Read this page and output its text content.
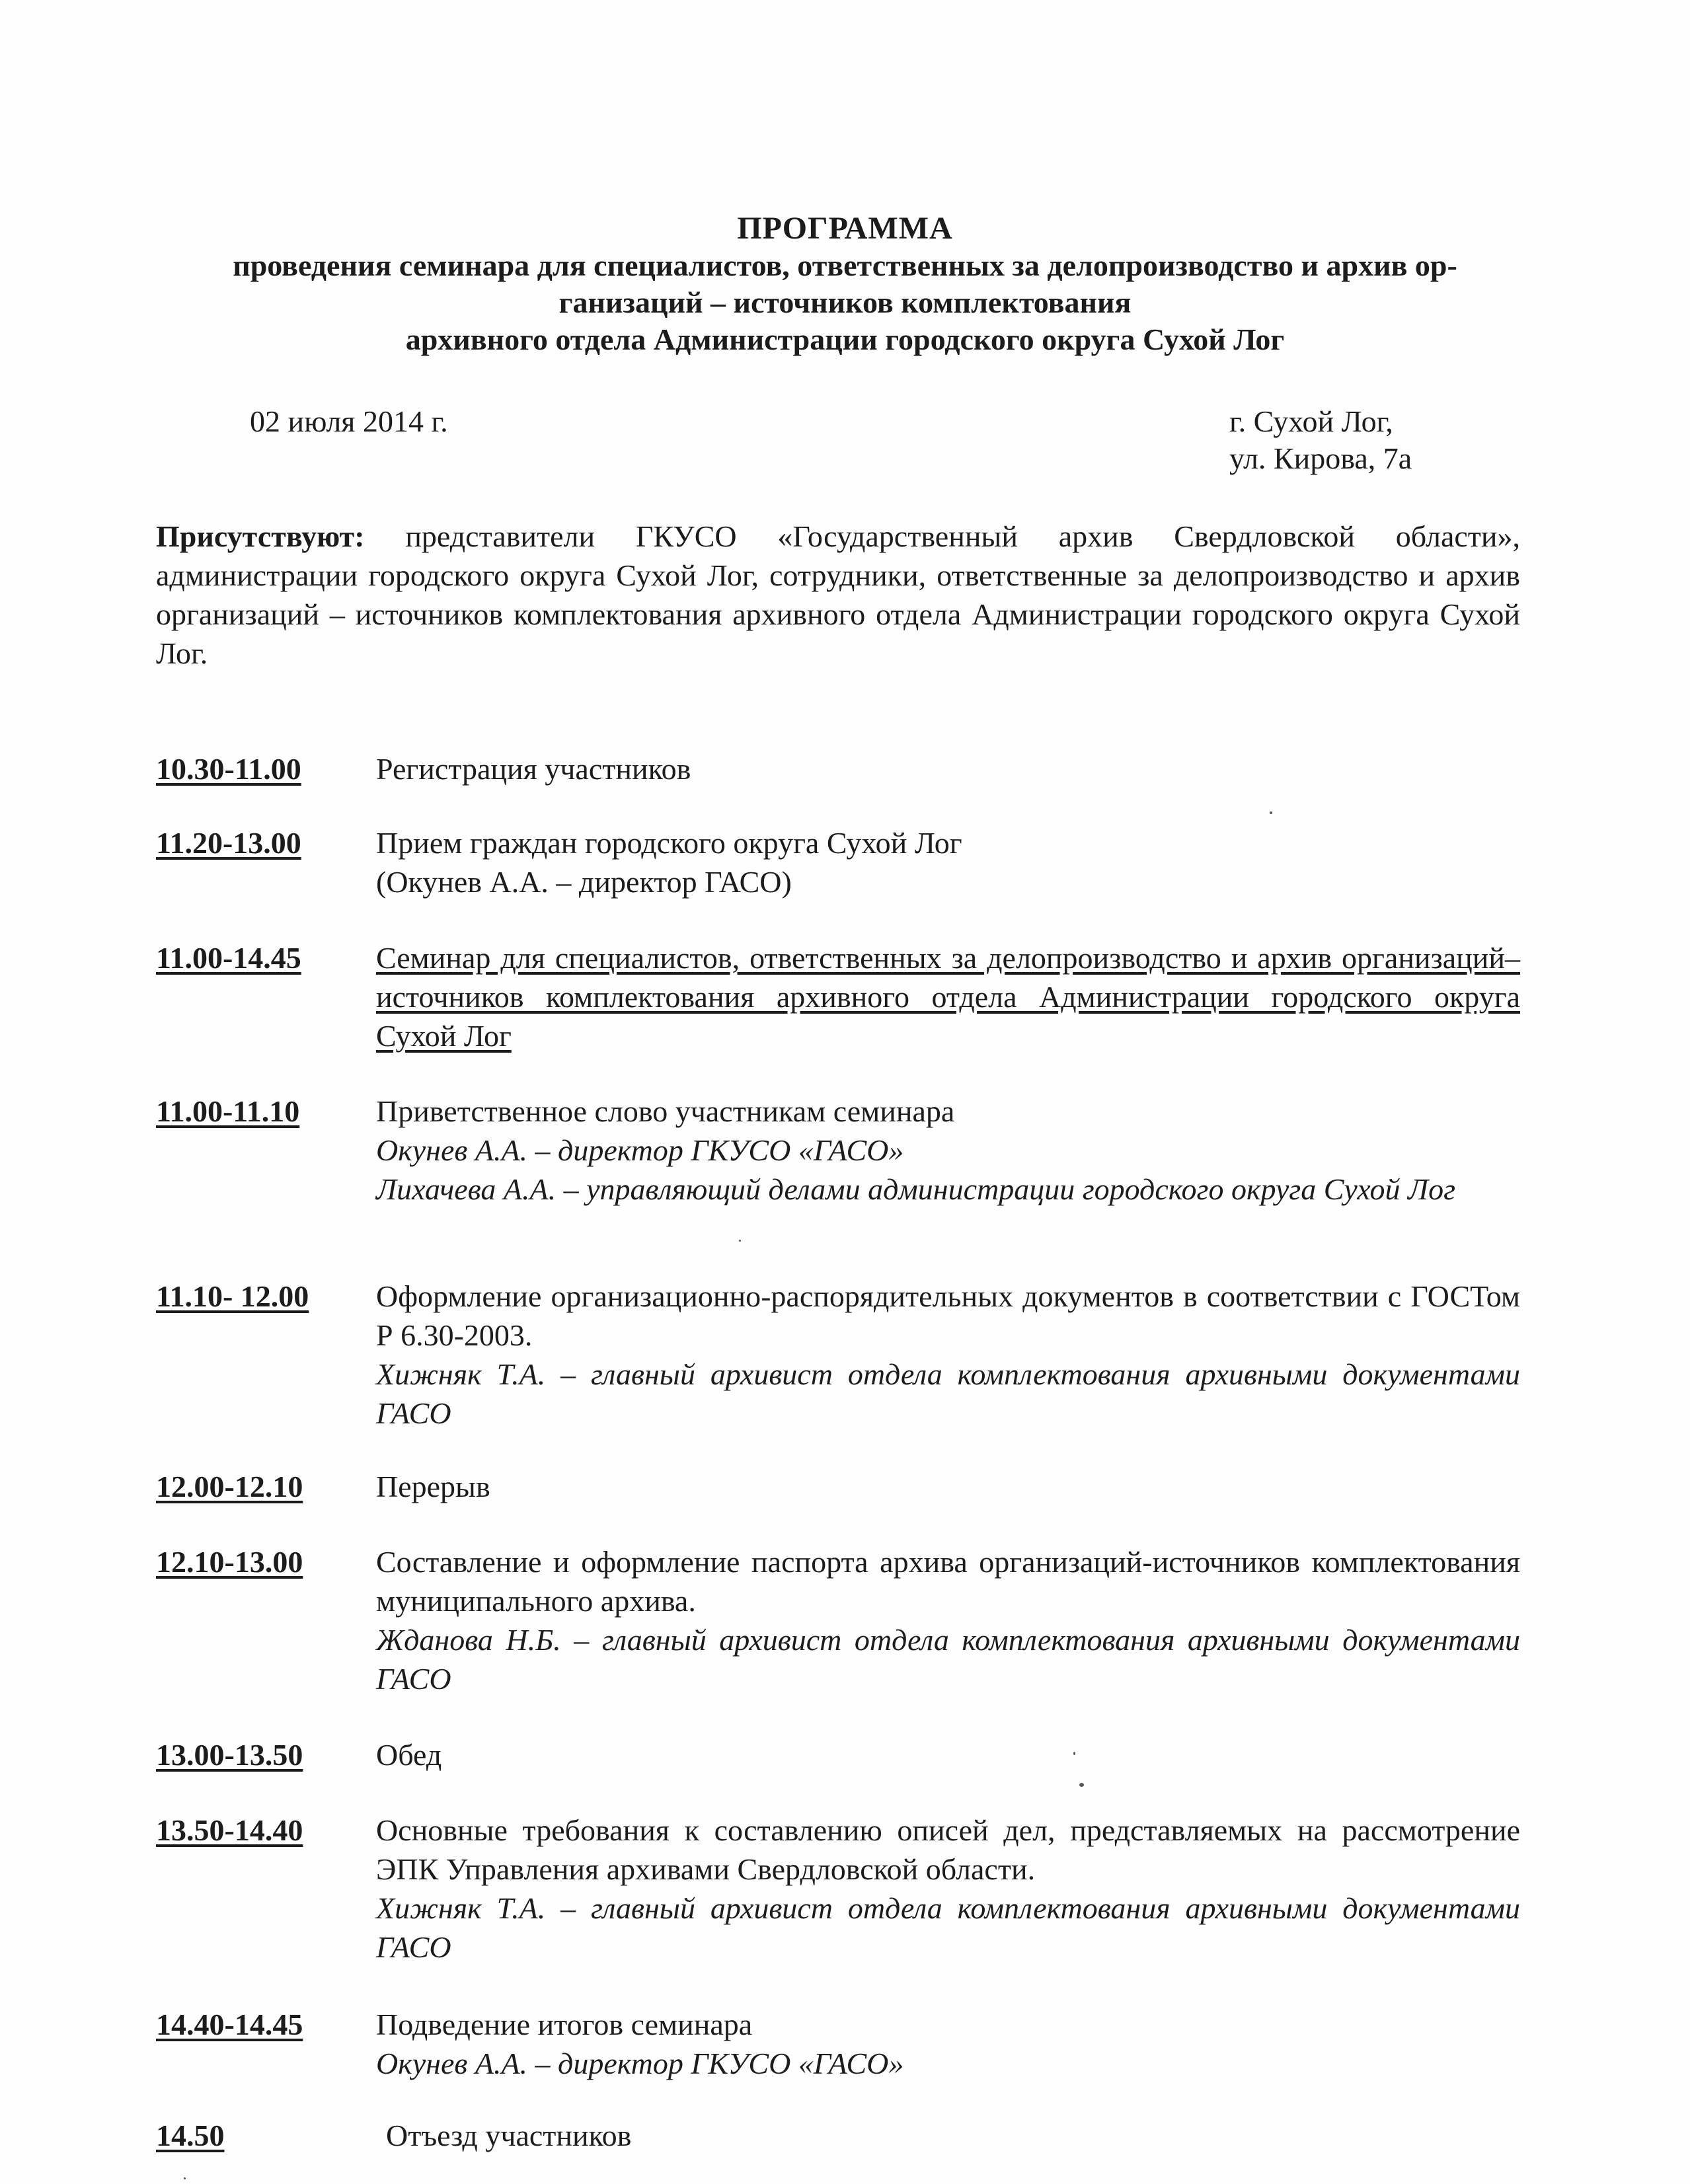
ПРОГРАММА
проведения семинара для специалистов, ответственных за делопроизводство и архив ор-
ганизаций – источников комплектования
архивного отдела Администрации городского округа Сухой Лог
02 июля 2014 г.	г. Сухой Лог,
ул. Кирова, 7а
Присутствуют: представители ГКУСО «Государственный архив Свердловской области», администрации городского округа Сухой Лог, сотрудники, ответственные за делопроизводство и архив организаций – источников комплектования архивного отдела Администрации городского округа Сухой Лог.
10.30-11.00 Регистрация участников
11.20-13.00 Прием граждан городского округа Сухой Лог
(Окунев А.А. – директор ГАСО)
11.00-14.45 Семинар для специалистов, ответственных за делопроизводство и архив организаций–источников комплектования архивного отдела Администрации городского округа Сухой Лог
11.00-11.10	Приветственное слово участникам семинара
Окунев А.А. – директор ГКУСО «ГАСО»
Лихачева А.А. – управляющий делами администрации городского округа Сухой Лог
11.10- 12.00 Оформление организационно-распорядительных документов в соответствии с ГОСТом Р 6.30-2003.
Хижняк Т.А. – главный архивист отдела комплектования архивными документами ГАСО
12.00-12.10 Перерыв
12.10-13.00 Составление и оформление паспорта архива организаций-источников комплектования муниципального архива.
Жданова Н.Б. – главный архивист отдела комплектования архивными документами ГАСО
13.00-13.50 Обед
13.50-14.40 Основные требования к составлению описей дел, представляемых на рассмотрение ЭПК Управления архивами Свердловской области.
Хижняк Т.А. – главный архивист отдела комплектования архивными документами ГАСО
14.40-14.45 Подведение итогов семинара
Окунев А.А. – директор ГКУСО «ГАСО»
14.50	Отъезд участников
